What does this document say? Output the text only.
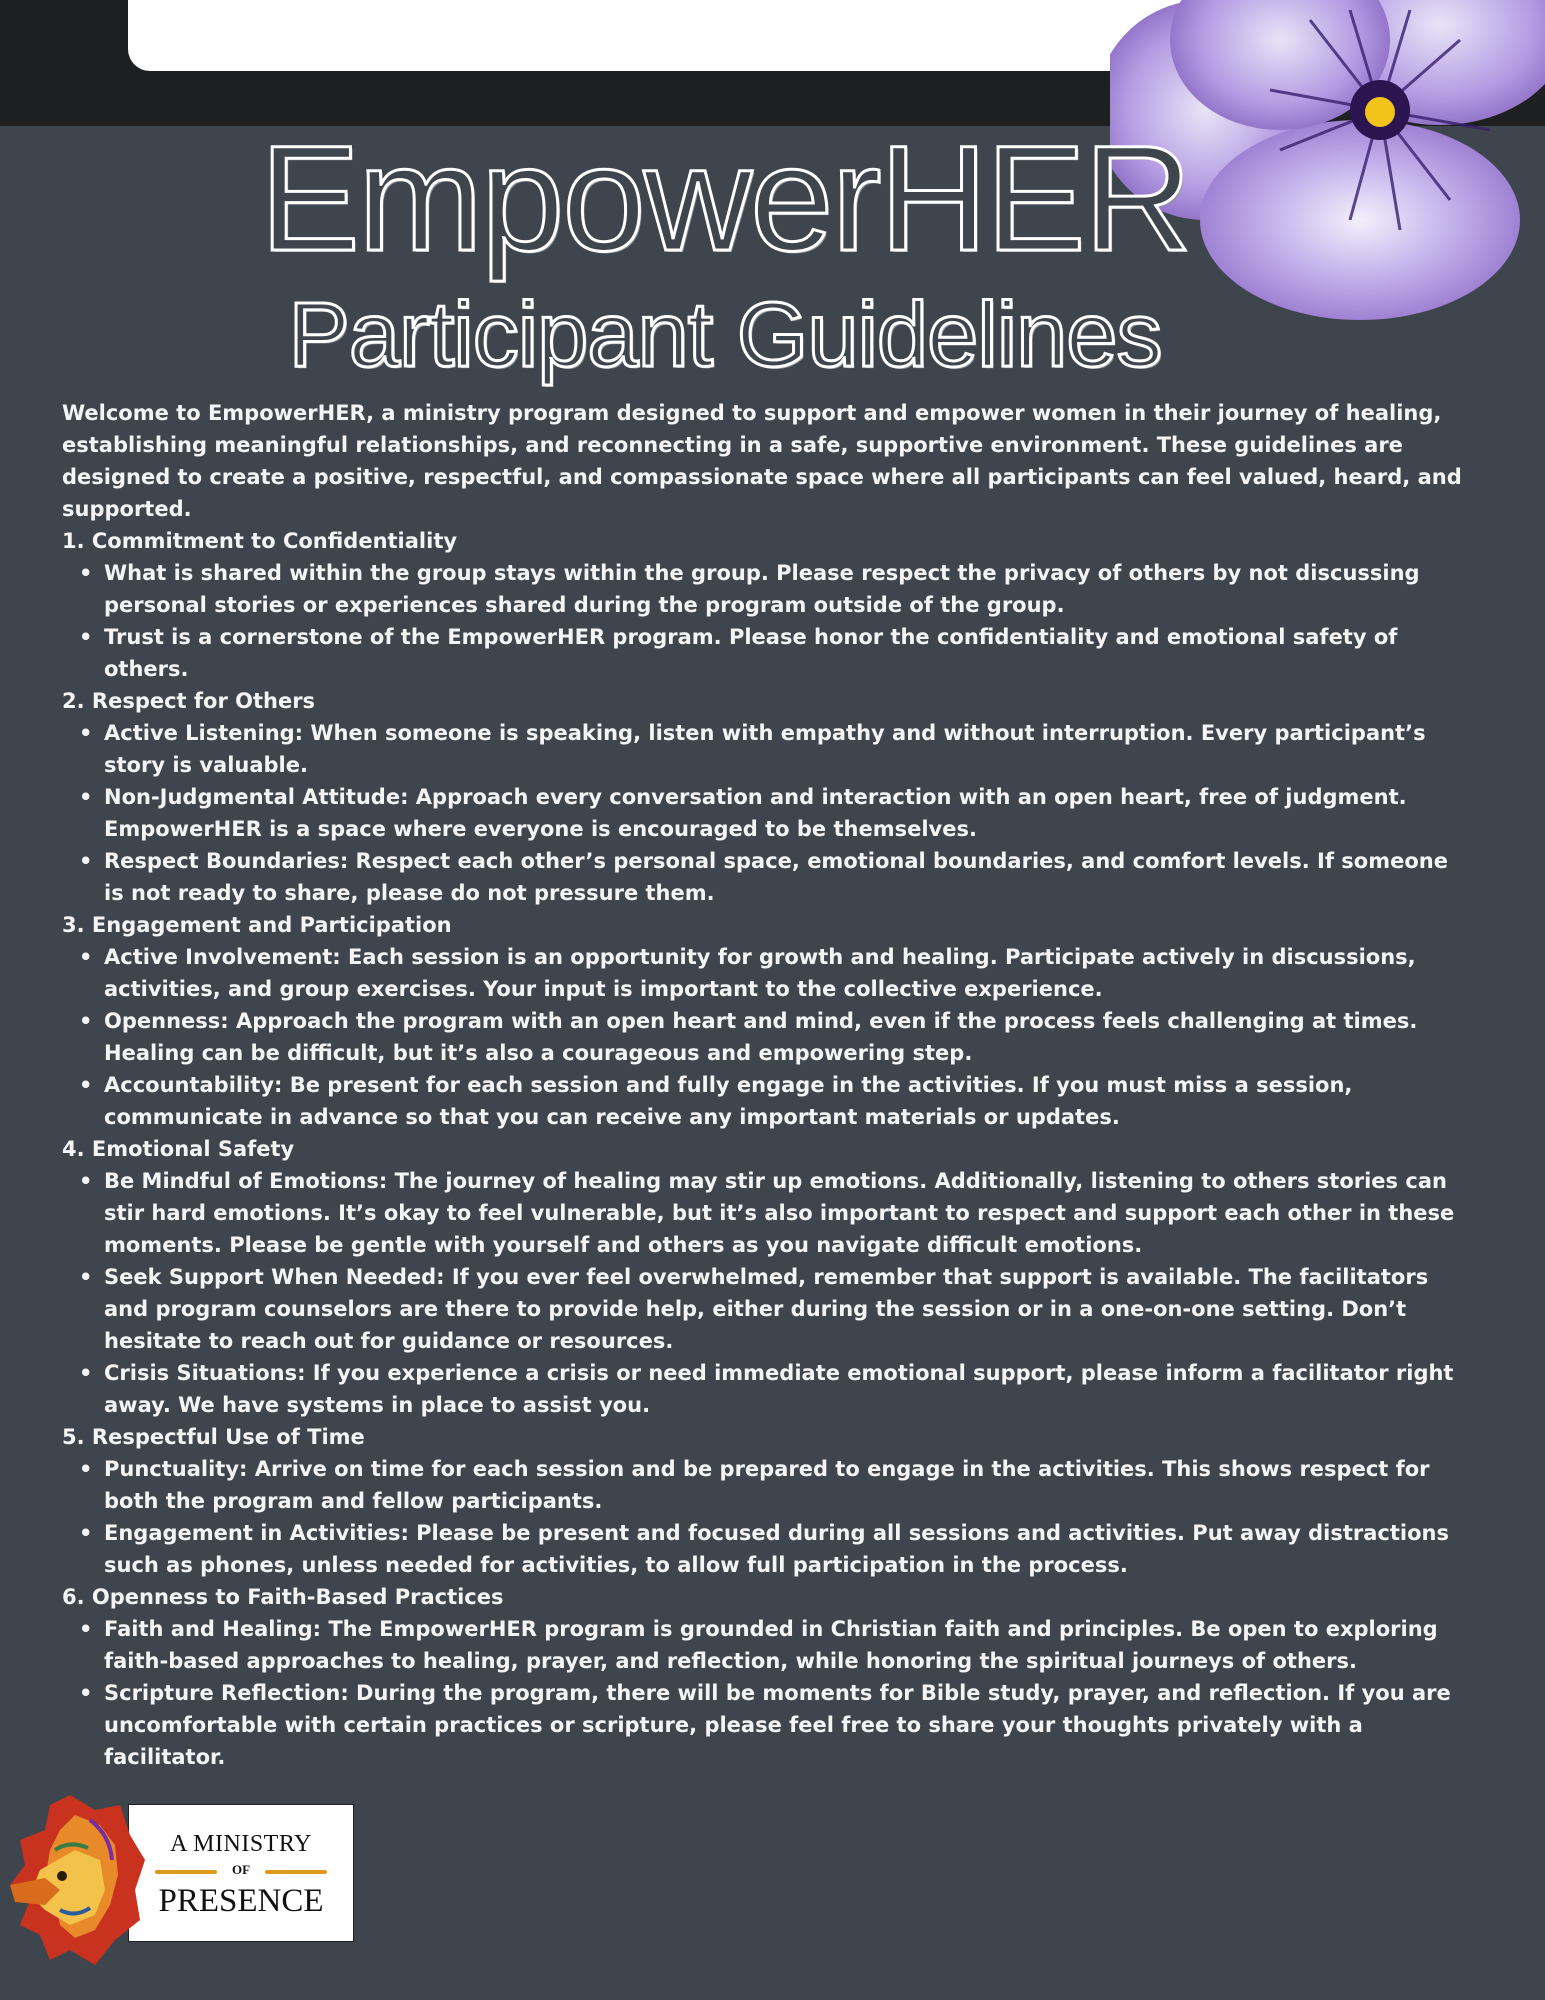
EmpowerHER
Participant Guidelines

Welcome to EmpowerHER, a ministry program designed to support and empower women in their journey of healing, establishing meaningful relationships, and reconnecting in a safe, supportive environment. These guidelines are designed to create a positive, respectful, and compassionate space where all participants can feel valued, heard, and supported.

1. Commitment to Confidentiality

• What is shared within the group stays within the group. Please respect the privacy of others by not discussing personal stories or experiences shared during the program outside of the group.
• Trust is a cornerstone of the EmpowerHER program. Please honor the confidentiality and emotional safety of others.

2. Respect for Others

• Active Listening: When someone is speaking, listen with empathy and without interruption. Every participant’s story is valuable.
• Non-Judgmental Attitude: Approach every conversation and interaction with an open heart, free of judgment. EmpowerHER is a space where everyone is encouraged to be themselves.
• Respect Boundaries: Respect each other’s personal space, emotional boundaries, and comfort levels. If someone is not ready to share, please do not pressure them.

3. Engagement and Participation

• Active Involvement: Each session is an opportunity for growth and healing. Participate actively in discussions, activities, and group exercises. Your input is important to the collective experience.
• Openness: Approach the program with an open heart and mind, even if the process feels challenging at times. Healing can be difficult, but it’s also a courageous and empowering step.
• Accountability: Be present for each session and fully engage in the activities. If you must miss a session, communicate in advance so that you can receive any important materials or updates.

4. Emotional Safety

• Be Mindful of Emotions: The journey of healing may stir up emotions. Additionally, listening to others stories can stir hard emotions. It’s okay to feel vulnerable, but it’s also important to respect and support each other in these moments. Please be gentle with yourself and others as you navigate difficult emotions.
• Seek Support When Needed: If you ever feel overwhelmed, remember that support is available. The facilitators and program counselors are there to provide help, either during the session or in a one-on-one setting. Don’t hesitate to reach out for guidance or resources.
• Crisis Situations: If you experience a crisis or need immediate emotional support, please inform a facilitator right away. We have systems in place to assist you.

5. Respectful Use of Time

• Punctuality: Arrive on time for each session and be prepared to engage in the activities. This shows respect for both the program and fellow participants.
• Engagement in Activities: Please be present and focused during all sessions and activities. Put away distractions such as phones, unless needed for activities, to allow full participation in the process.

6. Openness to Faith-Based Practices

• Faith and Healing: The EmpowerHER program is grounded in Christian faith and principles. Be open to exploring faith-based approaches to healing, prayer, and reflection, while honoring the spiritual journeys of others.
• Scripture Reflection: During the program, there will be moments for Bible study, prayer, and reflection. If you are uncomfortable with certain practices or scripture, please feel free to share your thoughts privately with a facilitator.
A MINISTRY
OF
PRESENCE
